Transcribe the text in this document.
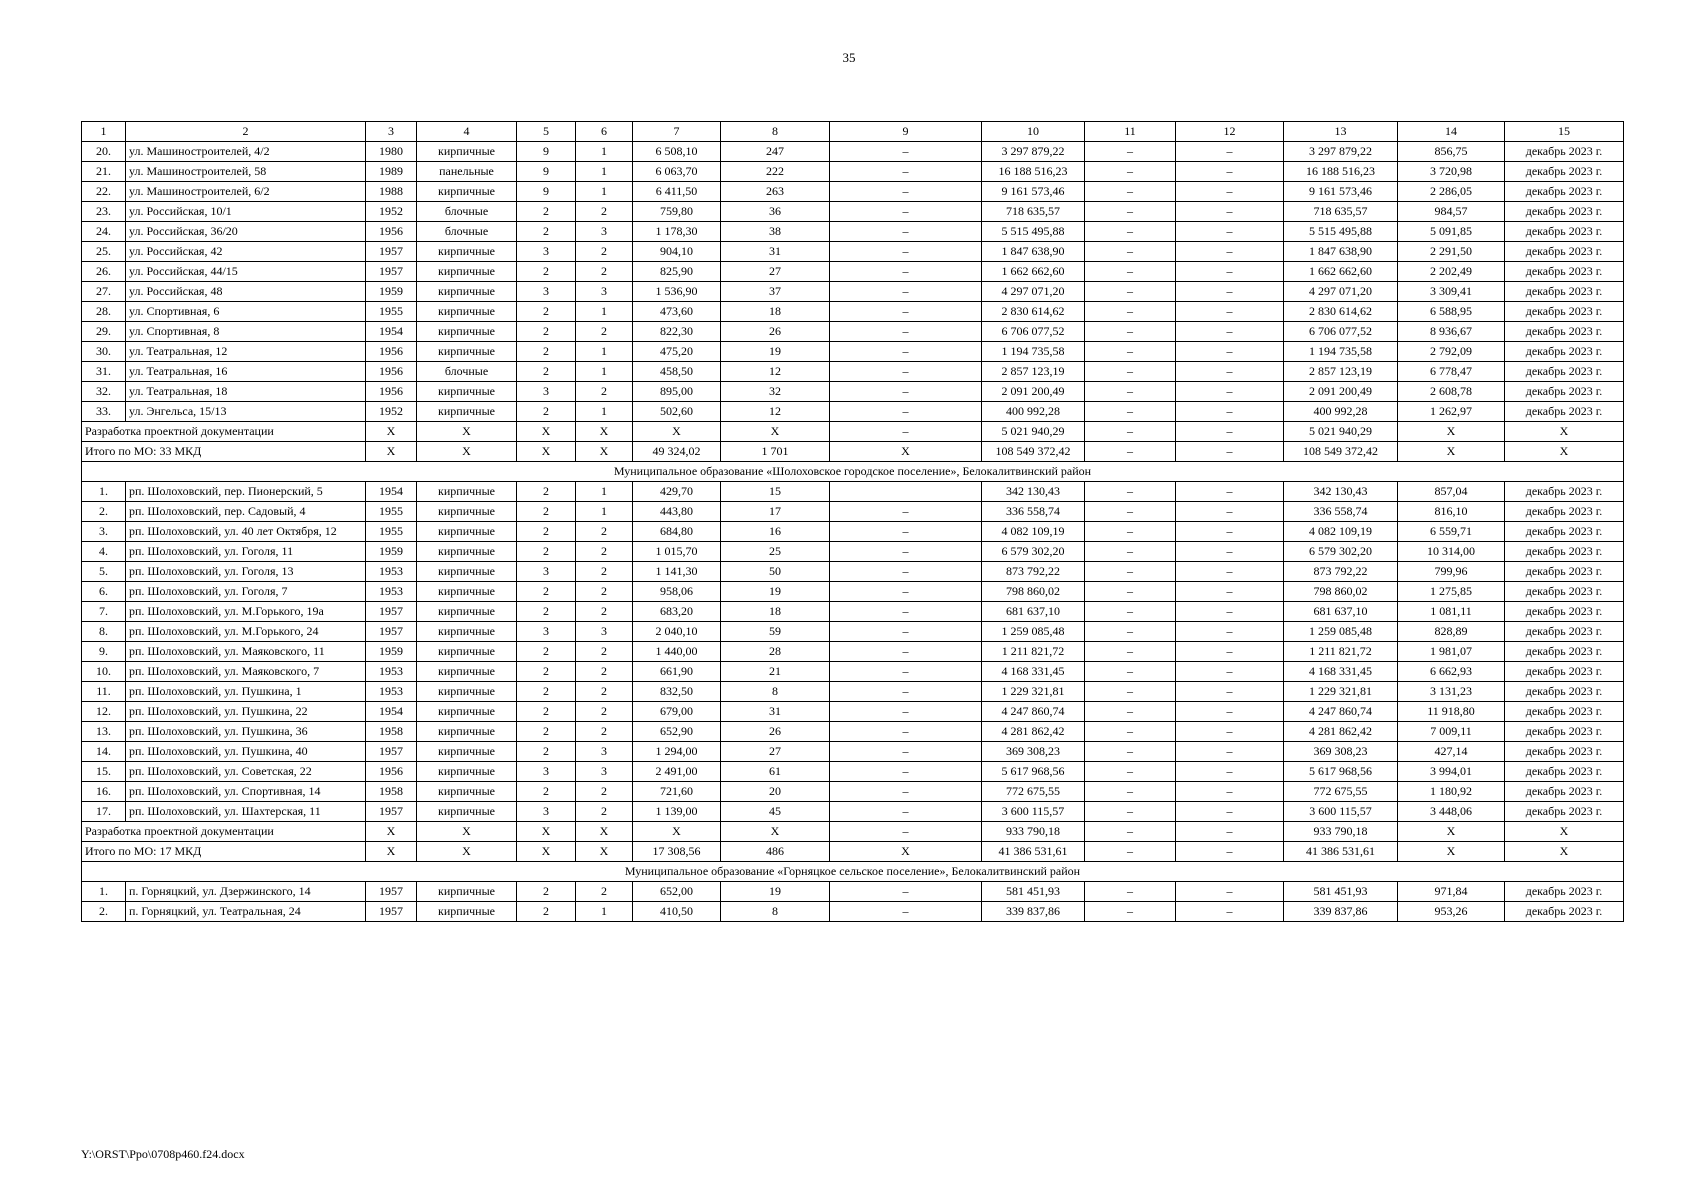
35
1	2	3	4	5	6	7	8	9	10	11	12	13	14	15
20.	ул. Машиностроителей, 4/2	1980	кирпичные	9	1	6 508,10	247	–	3 297 879,22	–	–	3 297 879,22	856,75	декабрь 2023 г.
21.	ул. Машиностроителей, 58	1989	панельные	9	1	6 063,70	222	–	16 188 516,23	–	–	16 188 516,23	3 720,98	декабрь 2023 г.
22.	ул. Машиностроителей, 6/2	1988	кирпичные	9	1	6 411,50	263	–	9 161 573,46	–	–	9 161 573,46	2 286,05	декабрь 2023 г.
23.	ул. Российская, 10/1	1952	блочные	2	2	759,80	36	–	718 635,57	–	–	718 635,57	984,57	декабрь 2023 г.
24.	ул. Российская, 36/20	1956	блочные	2	3	1 178,30	38	–	5 515 495,88	–	–	5 515 495,88	5 091,85	декабрь 2023 г.
25.	ул. Российская, 42	1957	кирпичные	3	2	904,10	31	–	1 847 638,90	–	–	1 847 638,90	2 291,50	декабрь 2023 г.
26.	ул. Российская, 44/15	1957	кирпичные	2	2	825,90	27	–	1 662 662,60	–	–	1 662 662,60	2 202,49	декабрь 2023 г.
27.	ул. Российская, 48	1959	кирпичные	3	3	1 536,90	37	–	4 297 071,20	–	–	4 297 071,20	3 309,41	декабрь 2023 г.
28.	ул. Спортивная, 6	1955	кирпичные	2	1	473,60	18	–	2 830 614,62	–	–	2 830 614,62	6 588,95	декабрь 2023 г.
29.	ул. Спортивная, 8	1954	кирпичные	2	2	822,30	26	–	6 706 077,52	–	–	6 706 077,52	8 936,67	декабрь 2023 г.
30.	ул. Театральная, 12	1956	кирпичные	2	1	475,20	19	–	1 194 735,58	–	–	1 194 735,58	2 792,09	декабрь 2023 г.
31.	ул. Театральная, 16	1956	блочные	2	1	458,50	12	–	2 857 123,19	–	–	2 857 123,19	6 778,47	декабрь 2023 г.
32.	ул. Театральная, 18	1956	кирпичные	3	2	895,00	32	–	2 091 200,49	–	–	2 091 200,49	2 608,78	декабрь 2023 г.
33.	ул. Энгельса, 15/13	1952	кирпичные	2	1	502,60	12	–	400 992,28	–	–	400 992,28	1 262,97	декабрь 2023 г.
Разработка проектной документации		Х	Х	Х	Х	Х	Х	–	5 021 940,29	–	–	5 021 940,29	Х	Х
Итого по МО: 33 МКД		Х	Х	Х	Х	49 324,02	1 701	Х	108 549 372,42	–	–	108 549 372,42	Х	Х
Муниципальное образование «Шолоховское городское поселение», Белокалитвинский район														
1.	рп. Шолоховский, пер. Пионерский, 5	1954	кирпичные	2	1	429,70	15		342 130,43	–	–	342 130,43	857,04	декабрь 2023 г.
2.	рп. Шолоховский, пер. Садовый, 4	1955	кирпичные	2	1	443,80	17	–	336 558,74	–	–	336 558,74	816,10	декабрь 2023 г.
3.	рп. Шолоховский, ул. 40 лет Октября, 12	1955	кирпичные	2	2	684,80	16	–	4 082 109,19	–	–	4 082 109,19	6 559,71	декабрь 2023 г.
4.	рп. Шолоховский, ул. Гоголя, 11	1959	кирпичные	2	2	1 015,70	25	–	6 579 302,20	–	–	6 579 302,20	10 314,00	декабрь 2023 г.
5.	рп. Шолоховский, ул. Гоголя, 13	1953	кирпичные	3	2	1 141,30	50	–	873 792,22	–	–	873 792,22	799,96	декабрь 2023 г.
6.	рп. Шолоховский, ул. Гоголя, 7	1953	кирпичные	2	2	958,06	19	–	798 860,02	–	–	798 860,02	1 275,85	декабрь 2023 г.
7.	рп. Шолоховский, ул. М.Горького, 19а	1957	кирпичные	2	2	683,20	18	–	681 637,10	–	–	681 637,10	1 081,11	декабрь 2023 г.
8.	рп. Шолоховский, ул. М.Горького, 24	1957	кирпичные	3	3	2 040,10	59	–	1 259 085,48	–	–	1 259 085,48	828,89	декабрь 2023 г.
9.	рп. Шолоховский, ул. Маяковского, 11	1959	кирпичные	2	2	1 440,00	28	–	1 211 821,72	–	–	1 211 821,72	1 981,07	декабрь 2023 г.
10.	рп. Шолоховский, ул. Маяковского, 7	1953	кирпичные	2	2	661,90	21	–	4 168 331,45	–	–	4 168 331,45	6 662,93	декабрь 2023 г.
11.	рп. Шолоховский, ул. Пушкина, 1	1953	кирпичные	2	2	832,50	8	–	1 229 321,81	–	–	1 229 321,81	3 131,23	декабрь 2023 г.
12.	рп. Шолоховский, ул. Пушкина, 22	1954	кирпичные	2	2	679,00	31	–	4 247 860,74	–	–	4 247 860,74	11 918,80	декабрь 2023 г.
13.	рп. Шолоховский, ул. Пушкина, 36	1958	кирпичные	2	2	652,90	26	–	4 281 862,42	–	–	4 281 862,42	7 009,11	декабрь 2023 г.
14.	рп. Шолоховский, ул. Пушкина, 40	1957	кирпичные	2	3	1 294,00	27	–	369 308,23	–	–	369 308,23	427,14	декабрь 2023 г.
15.	рп. Шолоховский, ул. Советская, 22	1956	кирпичные	3	3	2 491,00	61	–	5 617 968,56	–	–	5 617 968,56	3 994,01	декабрь 2023 г.
16.	рп. Шолоховский, ул. Спортивная, 14	1958	кирпичные	2	2	721,60	20	–	772 675,55	–	–	772 675,55	1 180,92	декабрь 2023 г.
17.	рп. Шолоховский, ул. Шахтерская, 11	1957	кирпичные	3	2	1 139,00	45	–	3 600 115,57	–	–	3 600 115,57	3 448,06	декабрь 2023 г.
Разработка проектной документации		Х	Х	Х	Х	Х	Х	–	933 790,18	–	–	933 790,18	Х	Х
Итого по МО: 17 МКД		Х	Х	Х	Х	17 308,56	486	Х	41 386 531,61	–	–	41 386 531,61	Х	Х
Муниципальное образование «Горняцкое сельское поселение», Белокалитвинский район														
1.	п. Горняцкий, ул. Дзержинского, 14	1957	кирпичные	2	2	652,00	19	–	581 451,93	–	–	581 451,93	971,84	декабрь 2023 г.
2.	п. Горняцкий, ул. Театральная, 24	1957	кирпичные	2	1	410,50	8	–	339 837,86	–	–	339 837,86	953,26	декабрь 2023 г.
Y:\ORST\Ppo\0708p460.f24.docx
